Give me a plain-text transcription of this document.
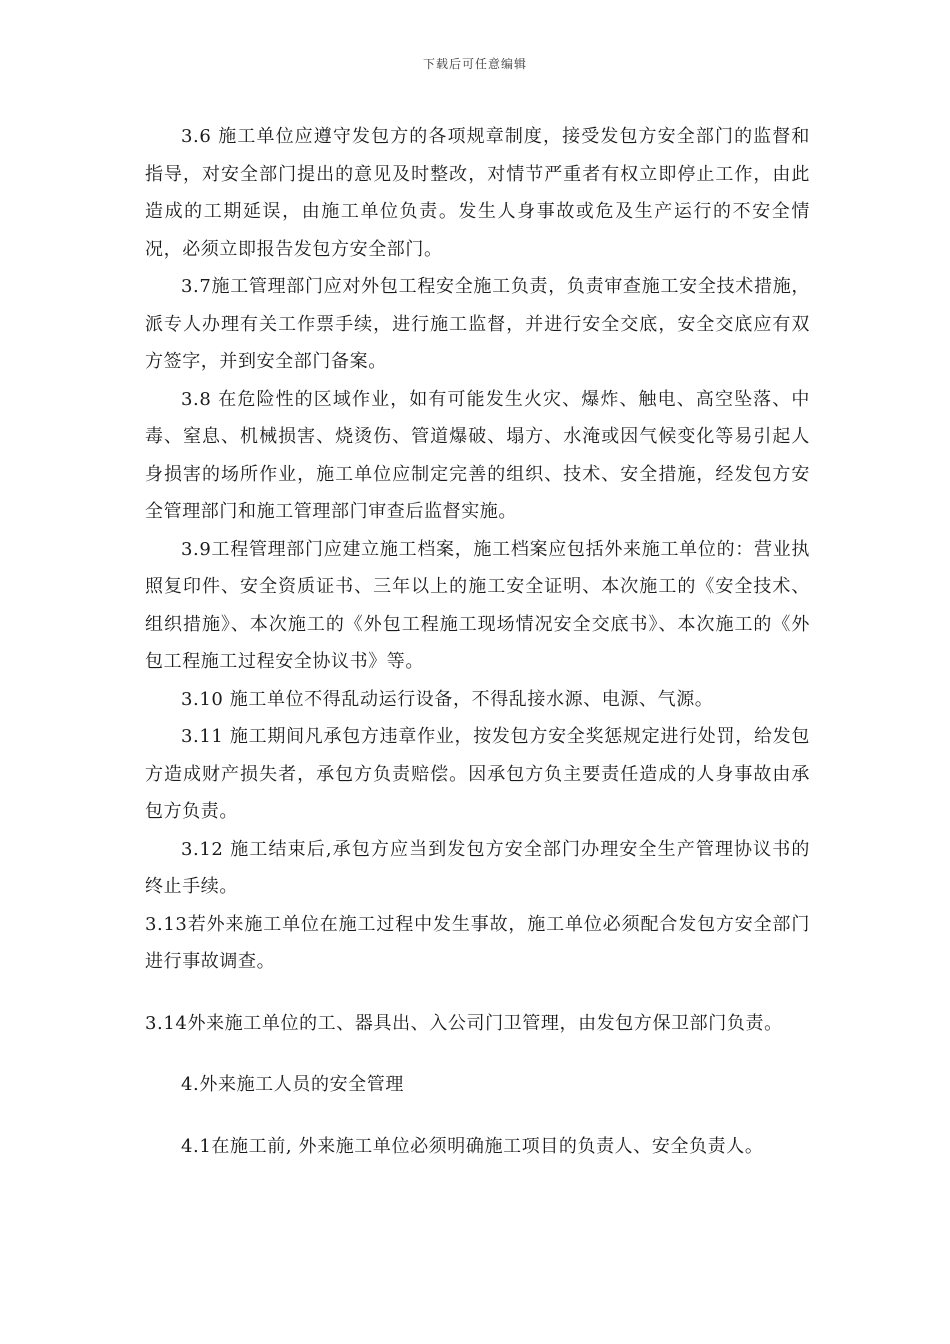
下载后可任意编辑

3.6 施工单位应遵守发包方的各项规章制度，接受发包方安全部门的监督和指导，对安全部门提出的意见及时整改，对情节严重者有权立即停止工作，由此造成的工期延误，由施工单位负责。发生人身事故或危及生产运行的不安全情况，必须立即报告发包方安全部门。

3.7施工管理部门应对外包工程安全施工负责，负责审查施工安全技术措施，派专人办理有关工作票手续，进行施工监督，并进行安全交底，安全交底应有双方签字，并到安全部门备案。

3.8 在危险性的区域作业，如有可能发生火灾、爆炸、触电、高空坠落、中毒、窒息、机械损害、烧烫伤、管道爆破、塌方、水淹或因气候变化等易引起人身损害的场所作业，施工单位应制定完善的组织、技术、安全措施，经发包方安全管理部门和施工管理部门审查后监督实施。

3.9工程管理部门应建立施工档案，施工档案应包括外来施工单位的：营业执照复印件、安全资质证书、三年以上的施工安全证明、本次施工的《安全技术、组织措施》、本次施工的《外包工程施工现场情况安全交底书》、本次施工的《外包工程施工过程安全协议书》等。

3.10 施工单位不得乱动运行设备，不得乱接水源、电源、气源。

3.11 施工期间凡承包方违章作业，按发包方安全奖惩规定进行处罚，给发包方造成财产损失者，承包方负责赔偿。因承包方负主要责任造成的人身事故由承包方负责。

3.12 施工结束后,承包方应当到发包方安全部门办理安全生产管理协议书的终止手续。

3.13若外来施工单位在施工过程中发生事故，施工单位必须配合发包方安全部门进行事故调查。

3.14外来施工单位的工、器具出、入公司门卫管理，由发包方保卫部门负责。

4.外来施工人员的安全管理

4.1在施工前, 外来施工单位必须明确施工项目的负责人、安全负责人。
